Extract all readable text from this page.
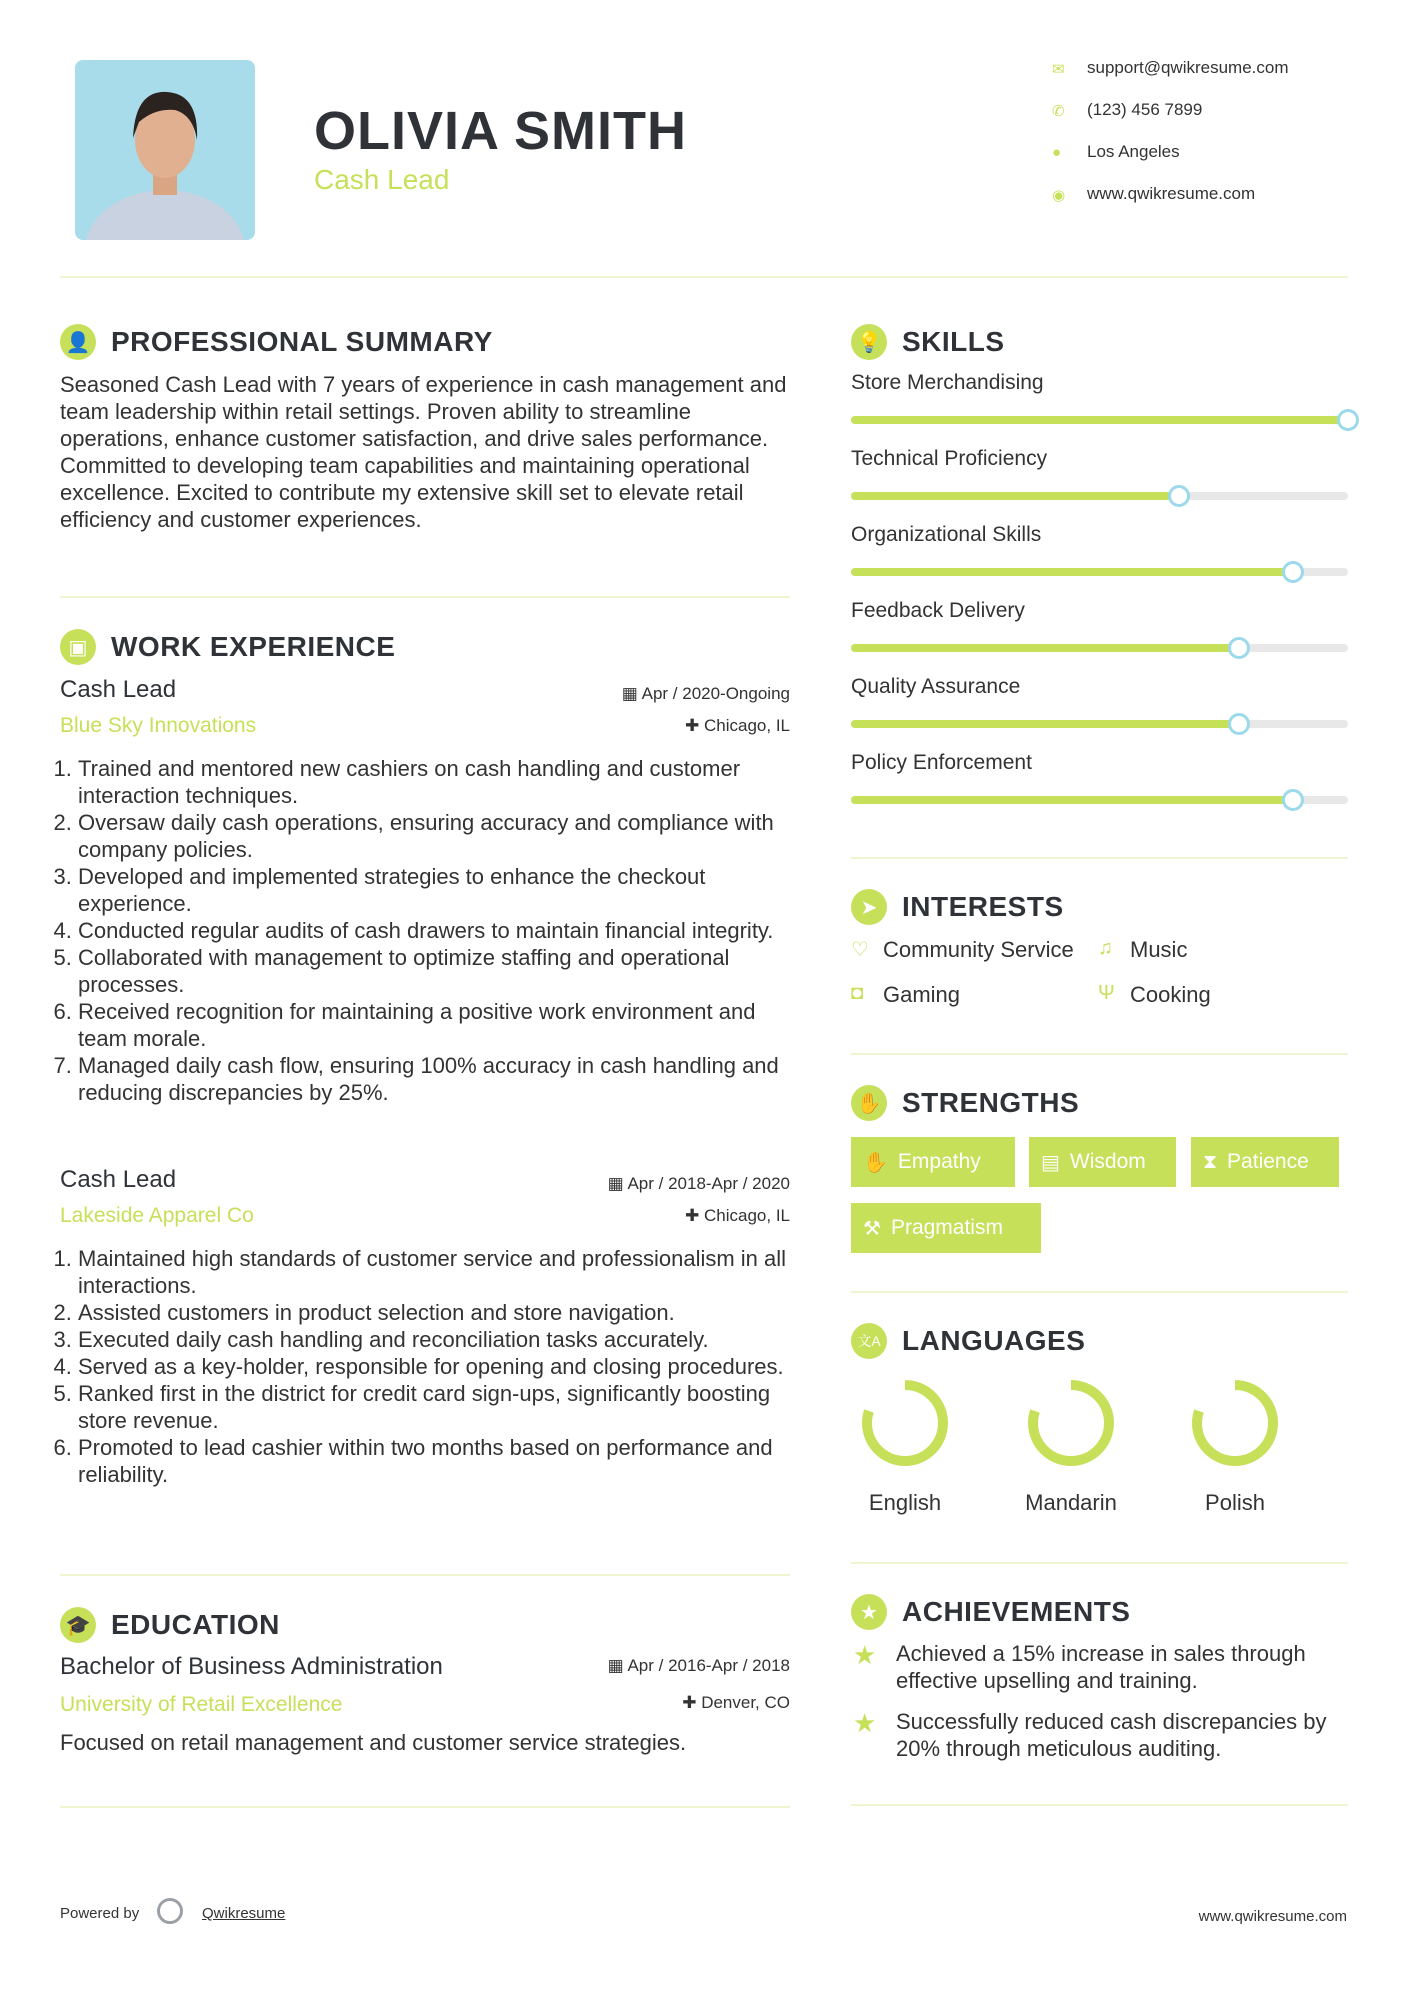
OLIVIA SMITH
Cash Lead
✉ support@qwikresume.com
✆ (123) 456 7899
● Los Angeles
◉ www.qwikresume.com
👤 PROFESSIONAL SUMMARY
Seasoned Cash Lead with 7 years of experience in cash management and team leadership within retail settings. Proven ability to streamline operations, enhance customer satisfaction, and drive sales performance. Committed to developing team capabilities and maintaining operational excellence. Excited to contribute my extensive skill set to elevate retail efficiency and customer experiences.
▣ WORK EXPERIENCE
Cash Lead	▦ Apr / 2020-Ongoing
Blue Sky Innovations	✚ Chicago, IL
1. Trained and mentored new cashiers on cash handling and customer interaction techniques.
2. Oversaw daily cash operations, ensuring accuracy and compliance with company policies.
3. Developed and implemented strategies to enhance the checkout experience.
4. Conducted regular audits of cash drawers to maintain financial integrity.
5. Collaborated with management to optimize staffing and operational processes.
6. Received recognition for maintaining a positive work environment and team morale.
7. Managed daily cash flow, ensuring 100% accuracy in cash handling and reducing discrepancies by 25%.
Cash Lead	▦ Apr / 2018-Apr / 2020
Lakeside Apparel Co	✚ Chicago, IL
1. Maintained high standards of customer service and professionalism in all interactions.
2. Assisted customers in product selection and store navigation.
3. Executed daily cash handling and reconciliation tasks accurately.
4. Served as a key-holder, responsible for opening and closing procedures.
5. Ranked first in the district for credit card sign-ups, significantly boosting store revenue.
6. Promoted to lead cashier within two months based on performance and reliability.
🎓 EDUCATION
Bachelor of Business Administration	▦ Apr / 2016-Apr / 2018
University of Retail Excellence	✚ Denver, CO
Focused on retail management and customer service strategies.
💡 SKILLS
Store Merchandising
Technical Proficiency
Organizational Skills
Feedback Delivery
Quality Assurance
Policy Enforcement
➤ INTERESTS
♡ Community Service ♫ Music
◘ Gaming	Ψ Cooking
✋ STRENGTHS
✋ Empathy	▤ Wisdom	⧗ Patience
⚒ Pragmatism
文A LANGUAGES
English	Mandarin	Polish
★ ACHIEVEMENTS
★ Achieved a 15% increase in sales through effective upselling and training.
★ Successfully reduced cash discrepancies by 20% through meticulous auditing.
Powered by	Qwikresume	www.qwikresume.com
